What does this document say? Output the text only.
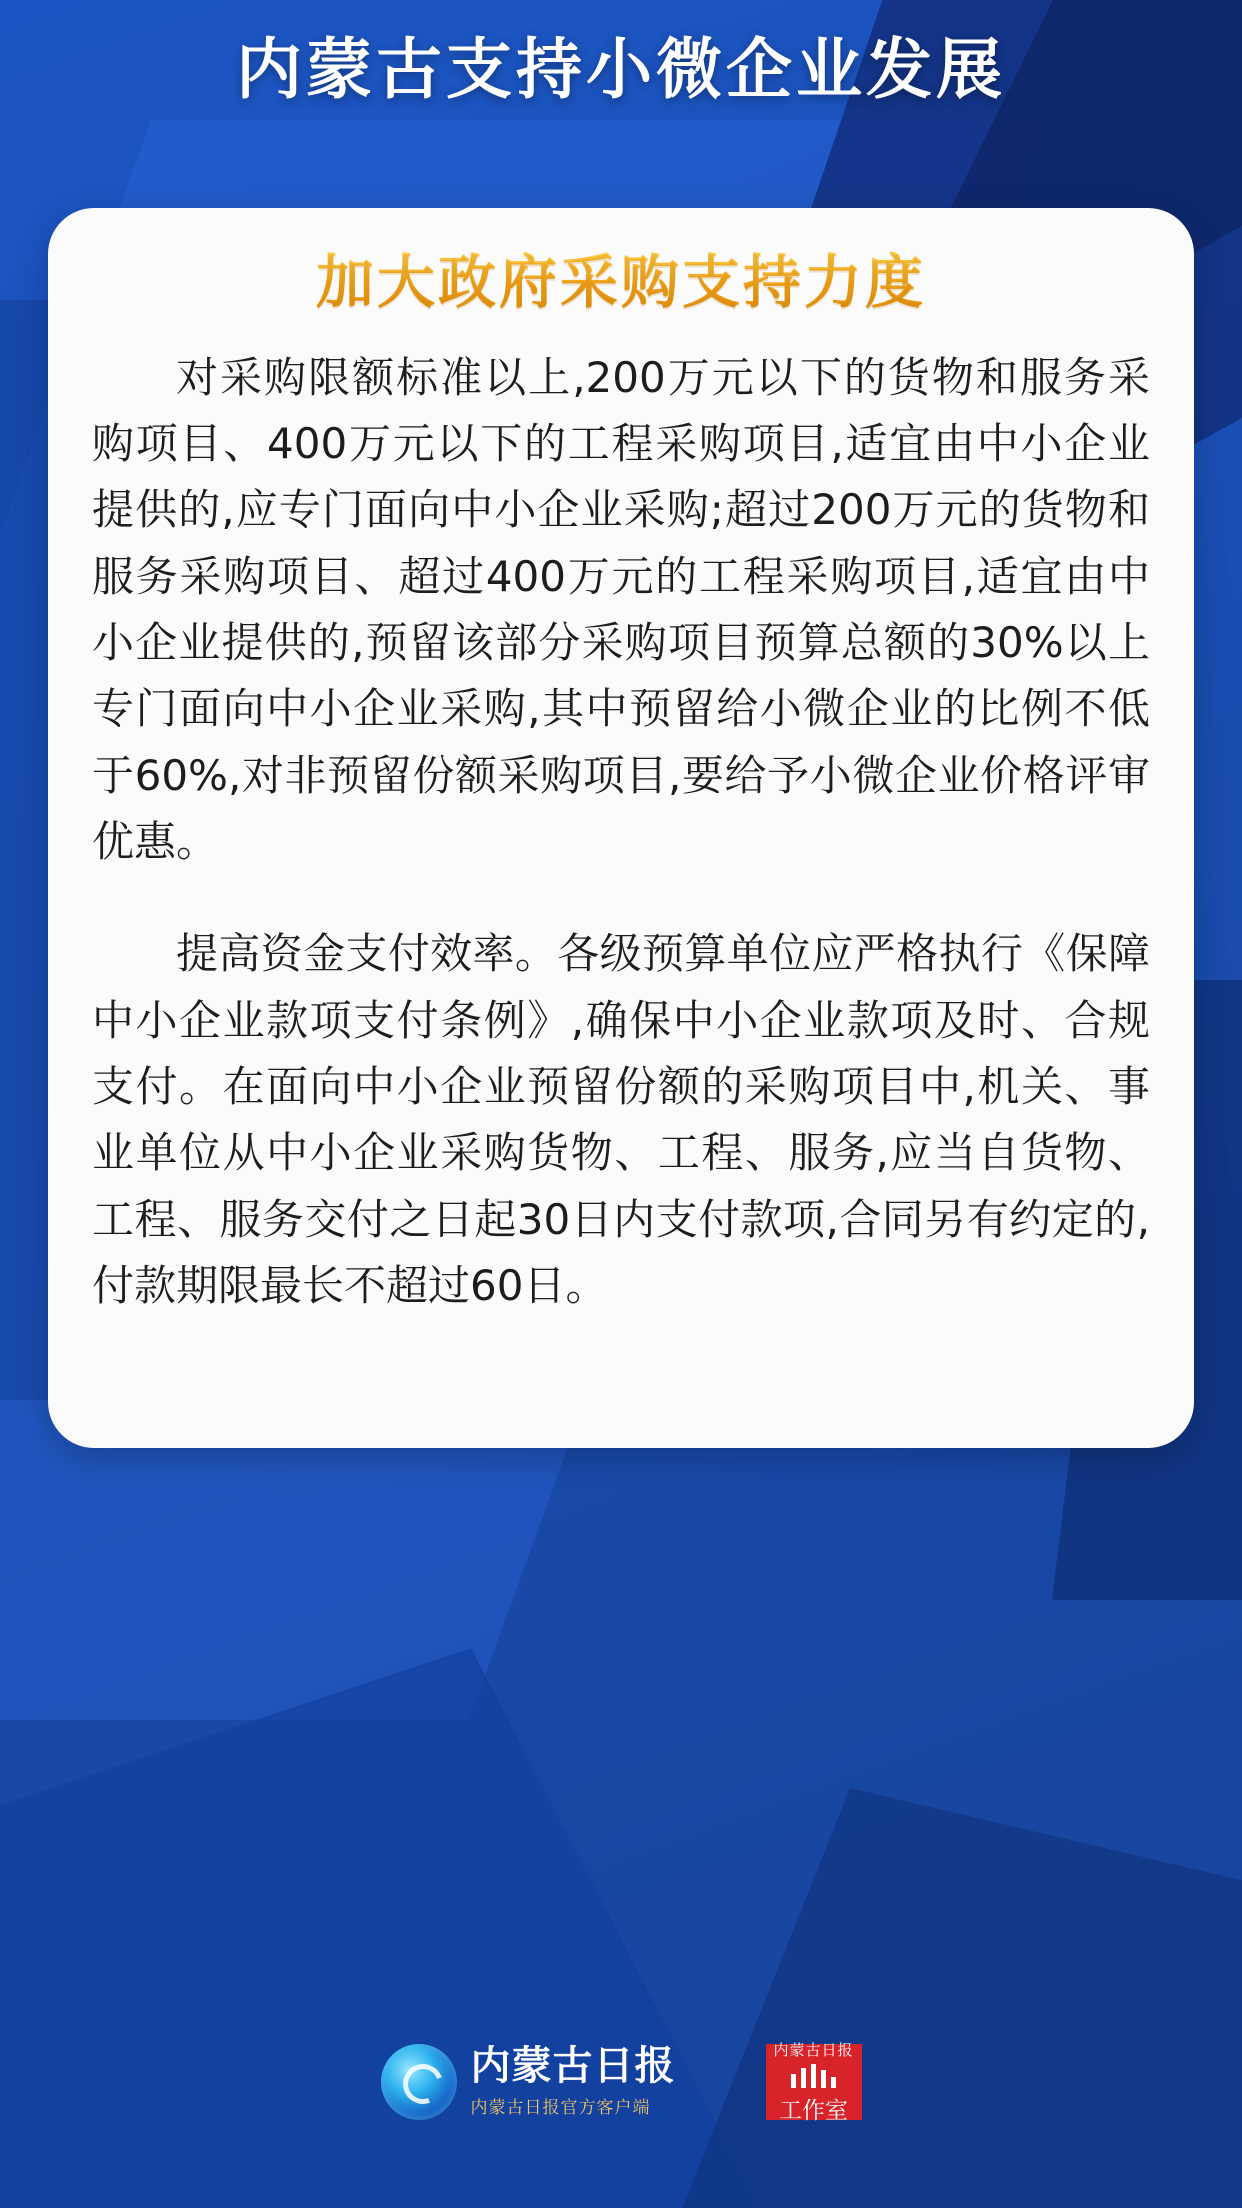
内蒙古支持小微企业发展
加大政府采购支持力度
对采购限额标准以上,200万元以下的货物和服务采购项目、400万元以下的工程采购项目,适宜由中小企业提供的,应专门面向中小企业采购;超过200万元的货物和服务采购项目、超过400万元的工程采购项目,适宜由中小企业提供的,预留该部分采购项目预算总额的30%以上专门面向中小企业采购,其中预留给小微企业的比例不低于60%,对非预留份额采购项目,要给予小微企业价格评审优惠。
提高资金支付效率。各级预算单位应严格执行《保障中小企业款项支付条例》,确保中小企业款项及时、合规支付。在面向中小企业预留份额的采购项目中,机关、事业单位从中小企业采购货物、工程、服务,应当自货物、工程、服务交付之日起30日内支付款项,合同另有约定的,付款期限最长不超过60日。
内蒙古日报
内蒙古日报官方客户端
内蒙古日报
工作室
